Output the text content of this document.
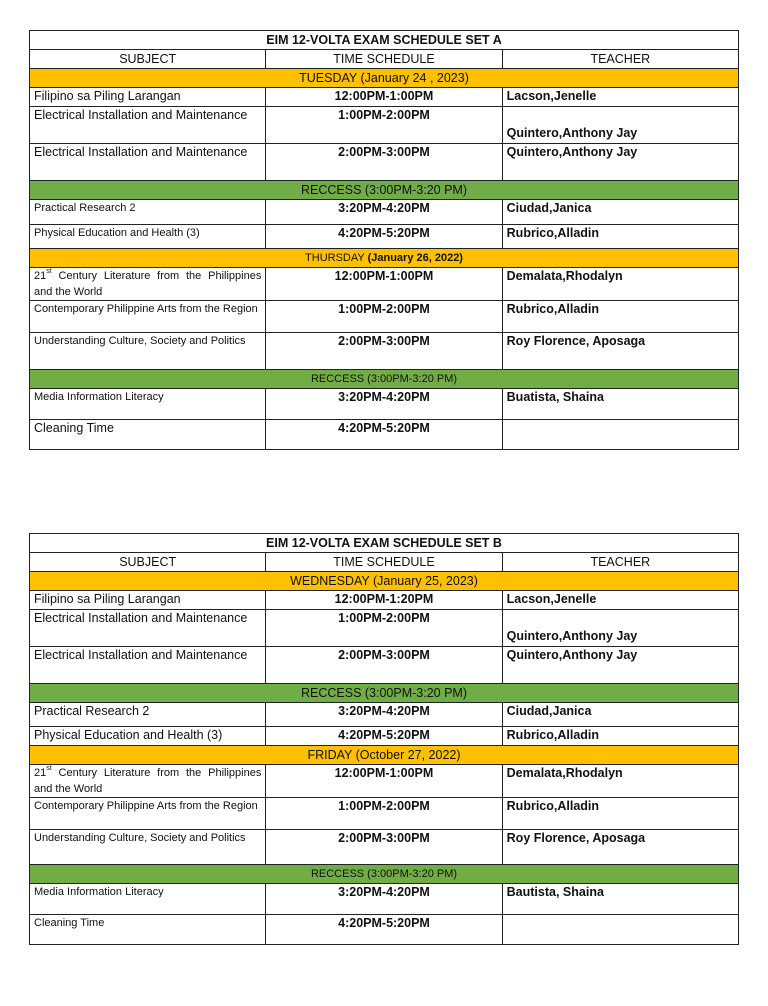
EIM 12-VOLTA EXAM SCHEDULE SET A		
SUBJECT	TIME SCHEDULE	TEACHER
TUESDAY (January 24 , 2023)		
Filipino sa Piling Larangan	12:00PM-1:00PM	Lacson,Jenelle
Electrical Installation and Maintenance	1:00PM-2:00PM	Quintero,Anthony Jay
Electrical Installation and Maintenance	2:00PM-3:00PM	Quintero,Anthony Jay
RECCESS (3:00PM-3:20 PM)		
Practical Research 2	3:20PM-4:20PM	Ciudad,Janica
Physical Education and Health (3)	4:20PM-5:20PM	Rubrico,Alladin
THURSDAY (January 26, 2022)		
21st Century Literature from the Philippines and the World	12:00PM-1:00PM	Demalata,Rhodalyn
Contemporary Philippine Arts from the Region	1:00PM-2:00PM	Rubrico,Alladin
Understanding Culture, Society and Politics	2:00PM-3:00PM	Roy Florence, Aposaga
RECCESS (3:00PM-3:20 PM)		
Media Information Literacy	3:20PM-4:20PM	Buatista, Shaina
Cleaning Time	4:20PM-5:20PM	
EIM 12-VOLTA EXAM SCHEDULE SET B		
SUBJECT	TIME SCHEDULE	TEACHER
WEDNESDAY (January 25, 2023)		
Filipino sa Piling Larangan	12:00PM-1:20PM	Lacson,Jenelle
Electrical Installation and Maintenance	1:00PM-2:00PM	Quintero,Anthony Jay
Electrical Installation and Maintenance	2:00PM-3:00PM	Quintero,Anthony Jay
RECCESS (3:00PM-3:20 PM)		
Practical Research 2	3:20PM-4:20PM	Ciudad,Janica
Physical Education and Health (3)	4:20PM-5:20PM	Rubrico,Alladin
FRIDAY (October 27, 2022)		
21st Century Literature from the Philippines and the World	12:00PM-1:00PM	Demalata,Rhodalyn
Contemporary Philippine Arts from the Region	1:00PM-2:00PM	Rubrico,Alladin
Understanding Culture, Society and Politics	2:00PM-3:00PM	Roy Florence, Aposaga
RECCESS (3:00PM-3:20 PM)		
Media Information Literacy	3:20PM-4:20PM	Bautista, Shaina
Cleaning Time	4:20PM-5:20PM	
